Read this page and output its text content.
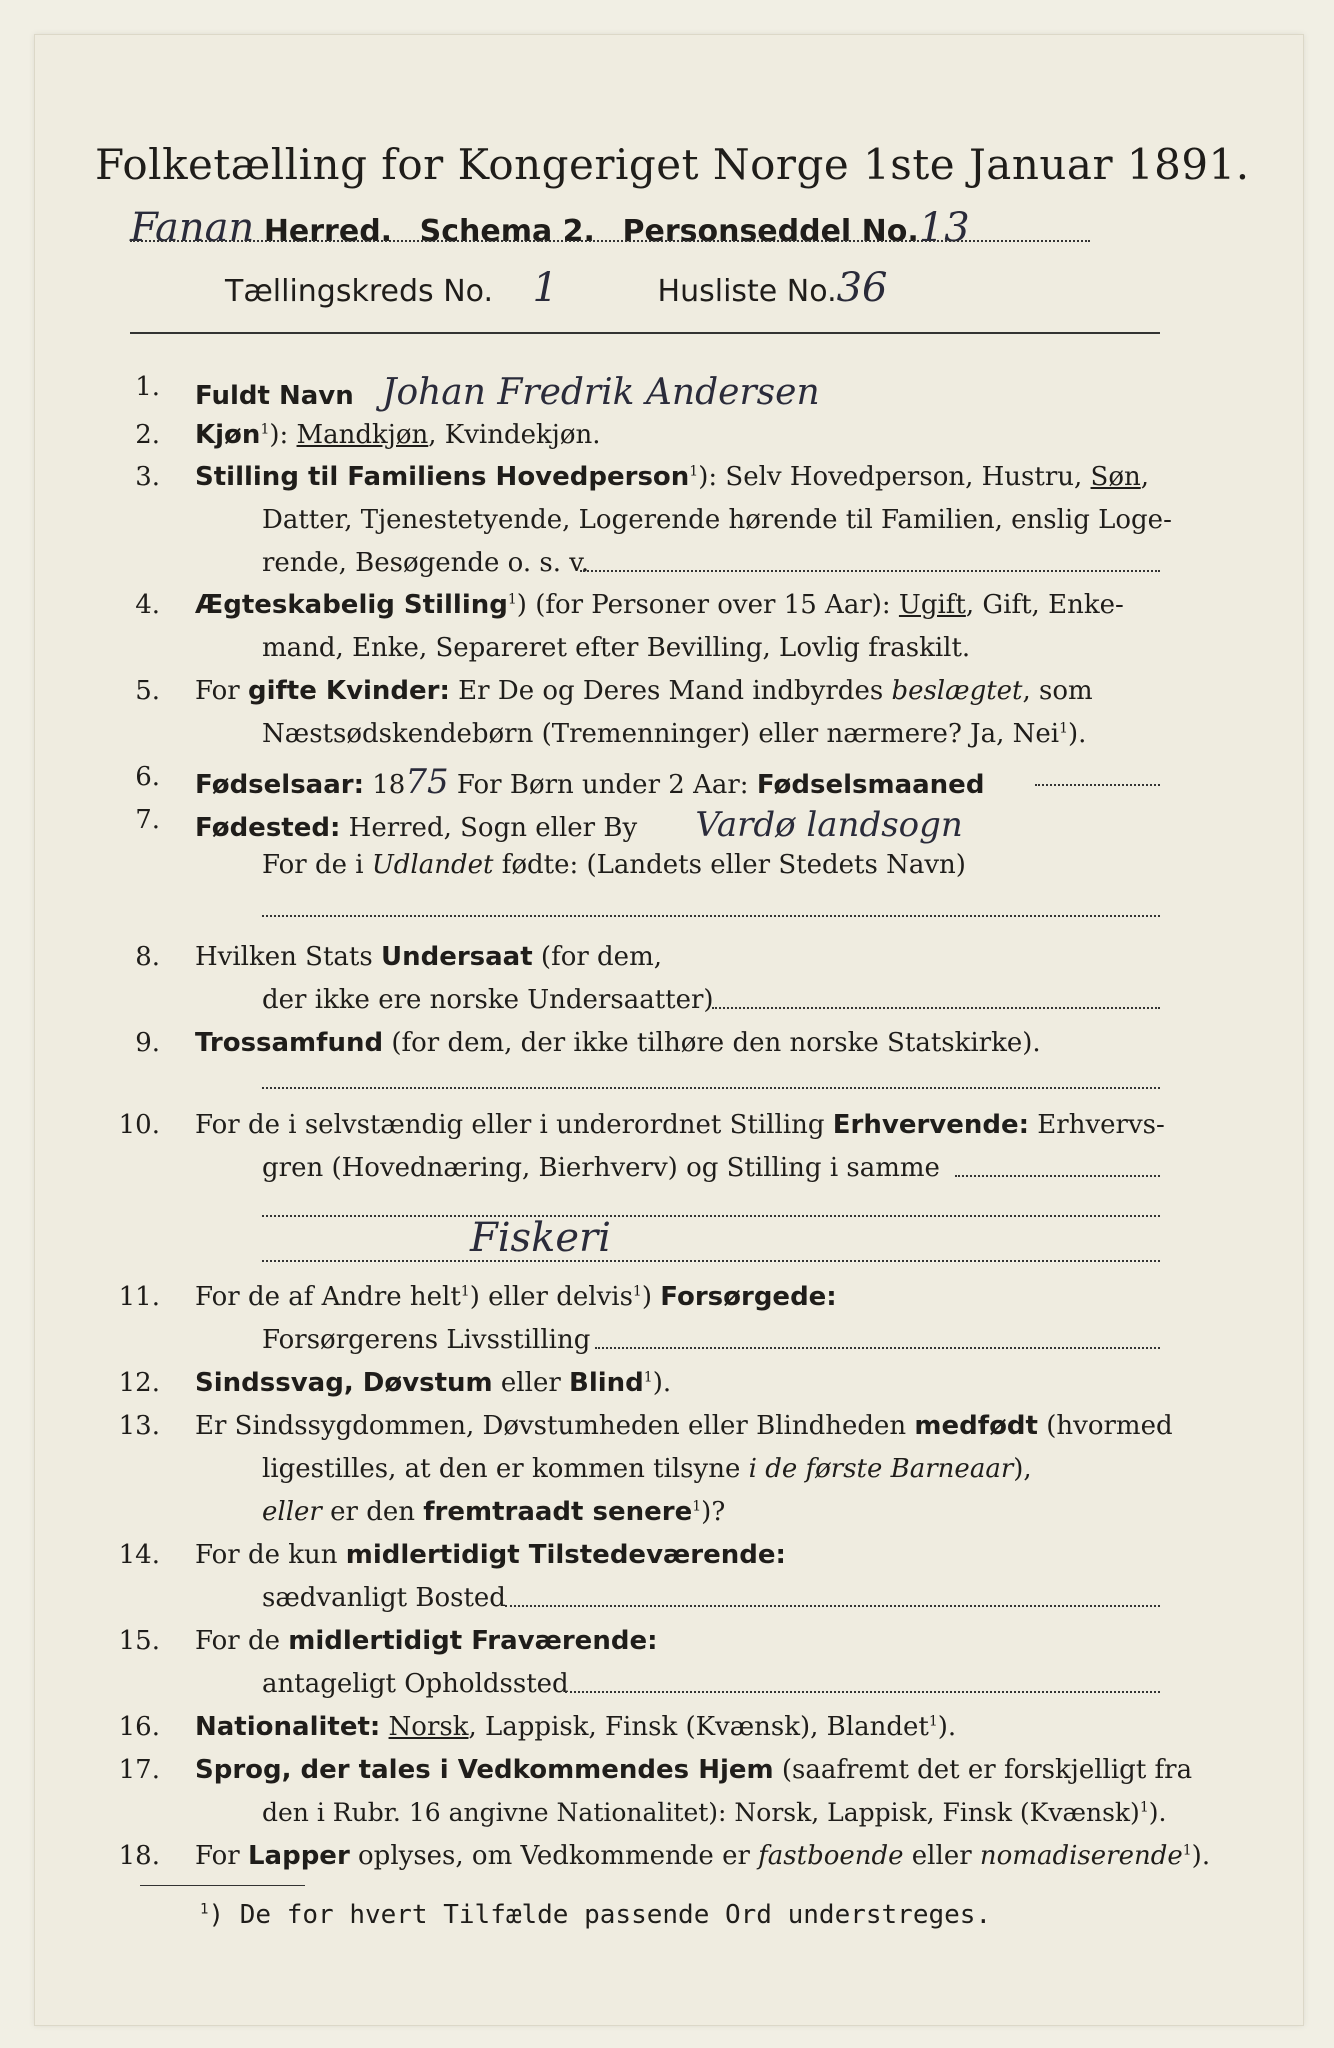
Folketælling for Kongeriget Norge 1ste Januar 1891.
Fanan Herred. Schema 2. Personseddel No.13
Tællingskreds No. 1	Husliste No.36
1. Fuldt Navn Johan Fredrik Andersen
2. Kjøn$^1$): Mandkjøn, Kvindekjøn.
3. Stilling til Familiens Hovedperson$^1$): Selv Hovedperson, Hustru, Søn,
Datter, Tjenestetyende, Logerende hørende til Familien, enslig Loge-
rende, Besøgende o. s. v.
4. Ægteskabelig Stilling$^1$) (for Personer over 15 Aar): Ugift, Gift, Enke-
mand, Enke, Separeret efter Bevilling, Lovlig fraskilt.
5. For gifte Kvinder: Er De og Deres Mand indbyrdes beslægtet, som
Næstsødskendebørn (Tremenninger) eller nærmere? Ja, Nei$^1$).
6. Fødselsaar: 1875 For Børn under 2 Aar: Fødselsmaaned
7. Fødested: Herred, Sogn eller By Vardø landsogn
For de i Udlandet fødte: (Landets eller Stedets Navn)
8. Hvilken Stats Undersaat (for dem,
der ikke ere norske Undersaatter)
9. Trossamfund (for dem, der ikke tilhøre den norske Statskirke).
10. For de i selvstændig eller i underordnet Stilling Erhvervende: Erhvervs-
gren (Hovednæring, Bierhverv) og Stilling i samme
Fiskeri
11. For de af Andre helt$^1$) eller delvis$^1$) Forsørgede:
Forsørgerens Livsstilling
12. Sindssvag, Døvstum eller Blind$^1$).
13. Er Sindssygdommen, Døvstumheden eller Blindheden medfødt (hvormed
ligestilles, at den er kommen tilsyne i de første Barneaar),
eller er den fremtraadt senere$^1$)?
14. For de kun midlertidigt Tilstedeværende:
sædvanligt Bosted
15. For de midlertidigt Fraværende:
antageligt Opholdssted
16. Nationalitet: Norsk, Lappisk, Finsk (Kvænsk), Blandet$^1$).
17. Sprog, der tales i Vedkommendes Hjem (saafremt det er forskjelligt fra
den i Rubr. 16 angivne Nationalitet): Norsk, Lappisk, Finsk (Kvænsk)$^1$).
18. For Lapper oplyses, om Vedkommende er fastboende eller nomadiserende$^1$).
$^1$) De for hvert Tilfælde passende Ord understreges.
